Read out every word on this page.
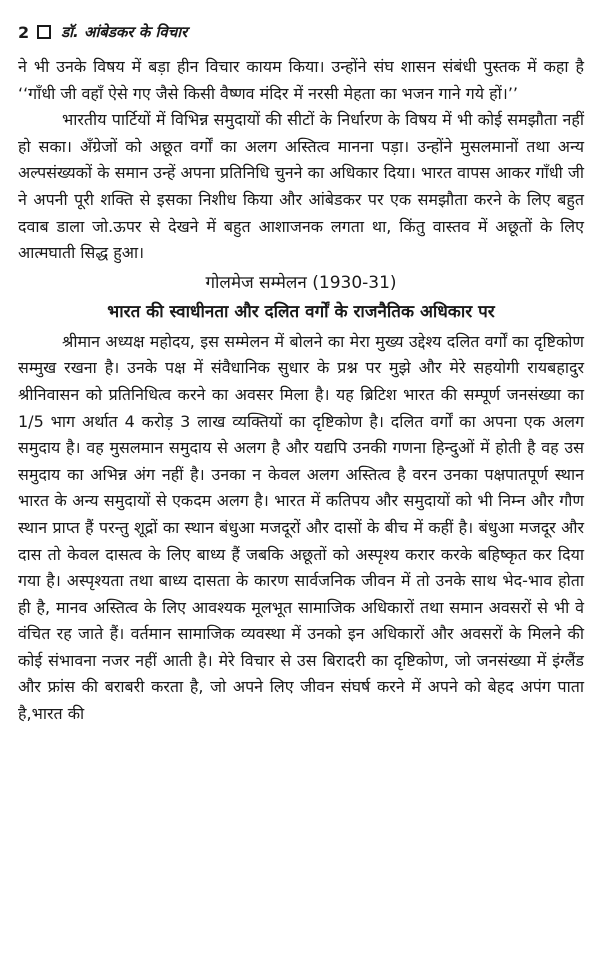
2 डॉ. आंबेडकर के विचार

ने भी उनके विषय में बड़ा हीन विचार कायम किया। उन्होंने संघ शासन संबंधी पुस्तक में कहा है ‘‘गाँधी जी वहाँ ऐसे गए जैसे किसी वैष्णव मंदिर में नरसी मेहता का भजन गाने गये हों।’’

भारतीय पार्टियों में विभिन्न समुदायों की सीटों के निर्धारण के विषय में भी कोई समझौता नहीं हो सका। अँग्रेजों को अछूत वर्गों का अलग अस्तित्व मानना पड़ा। उन्होंने मुसलमानों तथा अन्य अल्पसंख्यकों के समान उन्हें अपना प्रतिनिधि चुनने का अधिकार दिया। भारत वापस आकर गाँधी जी ने अपनी पूरी शक्ति से इसका निशीध किया और आंबेडकर पर एक समझौता करने के लिए बहुत दवाब डाला जो.ऊपर से देखने में बहुत आशाजनक लगता था, किंतु वास्तव में अछूतों के लिए आत्मघाती सिद्ध हुआ।

गोलमेज सम्मेलन (1930-31)

भारत की स्वाधीनता और दलित वर्गों के राजनैतिक अधिकार पर

श्रीमान अध्यक्ष महोदय, इस सम्मेलन में बोलने का मेरा मुख्य उद्देश्य दलित वर्गों का दृष्टिकोण सम्मुख रखना है। उनके पक्ष में संवैधानिक सुधार के प्रश्न पर मुझे और मेरे सहयोगी रायबहादुर श्रीनिवासन को प्रतिनिधित्व करने का अवसर मिला है। यह ब्रिटिश भारत की सम्पूर्ण जनसंख्या का 1/5 भाग अर्थात 4 करोड़ 3 लाख व्यक्तियों का दृष्टिकोण है। दलित वर्गों का अपना एक अलग समुदाय है। वह मुसलमान समुदाय से अलग है और यद्यपि उनकी गणना हिन्दुओं में होती है वह उस समुदाय का अभिन्न अंग नहीं है। उनका न केवल अलग अस्तित्व है वरन उनका पक्षपातपूर्ण स्थान भारत के अन्य समुदायों से एकदम अलग है। भारत में कतिपय और समुदायों को भी निम्न और गौण स्थान प्राप्त हैं परन्तु शूद्रों का स्थान बंधुआ मजदूरों और दासों के बीच में कहीं है। बंधुआ मजदूर और दास तो केवल दासत्व के लिए बाध्य हैं जबकि अछूतों को अस्पृश्य करार करके बहिष्कृत कर दिया गया है। अस्पृश्यता तथा बाध्य दासता के कारण सार्वजनिक जीवन में तो उनके साथ भेद-भाव होता ही है, मानव अस्तित्व के लिए आवश्यक मूलभूत सामाजिक अधिकारों तथा समान अवसरों से भी वे वंचित रह जाते हैं। वर्तमान सामाजिक व्यवस्था में उनको इन अधिकारों और अवसरों के मिलने की कोई संभावना नजर नहीं आती है। मेरे विचार से उस बिरादरी का दृष्टिकोण, जो जनसंख्या में इंग्लैंड और फ्रांस की बराबरी करता है, जो अपने लिए जीवन संघर्ष करने में अपने को बेहद अपंग पाता है,भारत की
